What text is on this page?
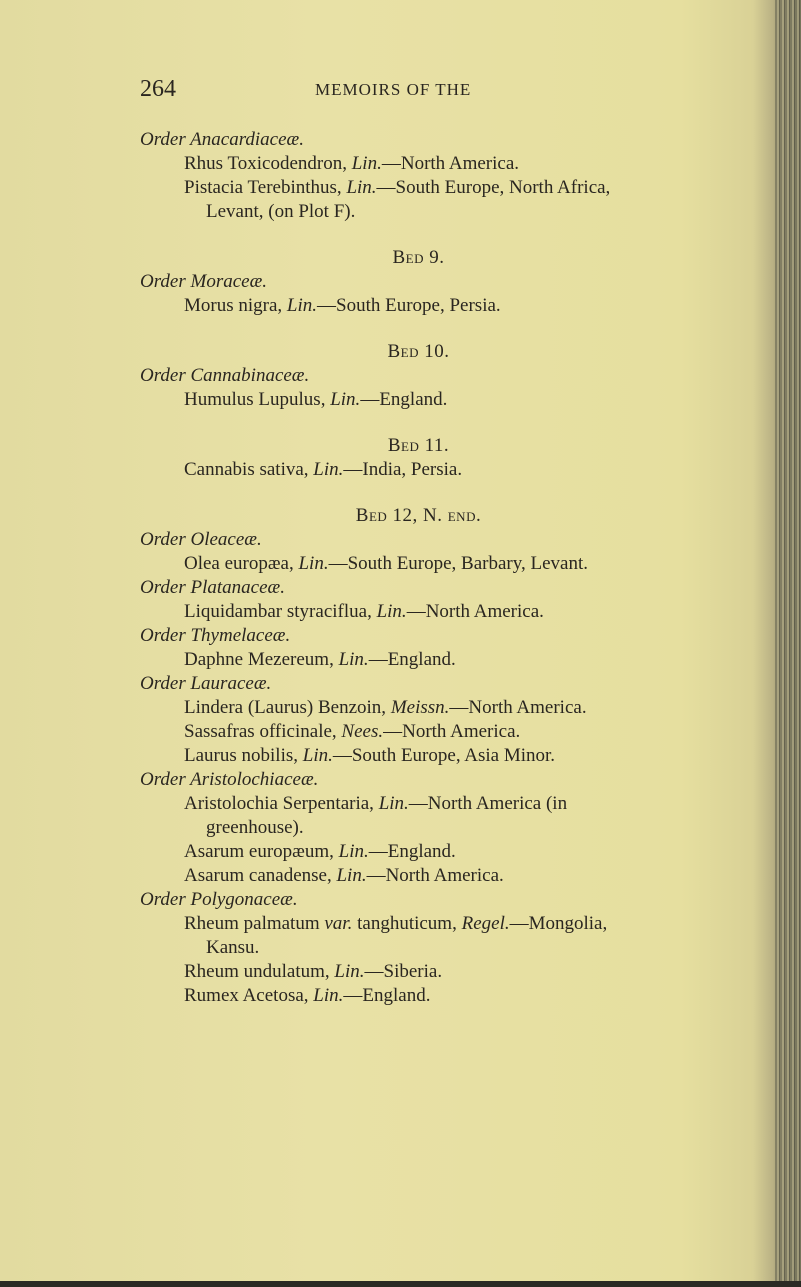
264	MEMOIRS OF THE
Order Anacardiaceæ.
Rhus Toxicodendron, Lin.—North America.
Pistacia Terebinthus, Lin.—South Europe, North Africa,
Levant, (on Plot F).
Bed 9.
Order Moraceæ.
Morus nigra, Lin.—South Europe, Persia.
Bed 10.
Order Cannabinaceæ.
Humulus Lupulus, Lin.—England.
Bed 11.
Cannabis sativa, Lin.—India, Persia.
Bed 12, N. end.
Order Oleaceæ.
Olea europæa, Lin.—South Europe, Barbary, Levant.
Order Platanaceæ.
Liquidambar styraciflua, Lin.—North America.
Order Thymelaceæ.
Daphne Mezereum, Lin.—England.
Order Lauraceæ.
Lindera (Laurus) Benzoin, Meissn.—North America.
Sassafras officinale, Nees.—North America.
Laurus nobilis, Lin.—South Europe, Asia Minor.
Order Aristolochiaceæ.
Aristolochia Serpentaria, Lin.—North America (in
greenhouse).
Asarum europæum, Lin.—England.
Asarum canadense, Lin.—North America.
Order Polygonaceæ.
Rheum palmatum var. tanghuticum, Regel.—Mongolia,
Kansu.
Rheum undulatum, Lin.—Siberia.
Rumex Acetosa, Lin.—England.
